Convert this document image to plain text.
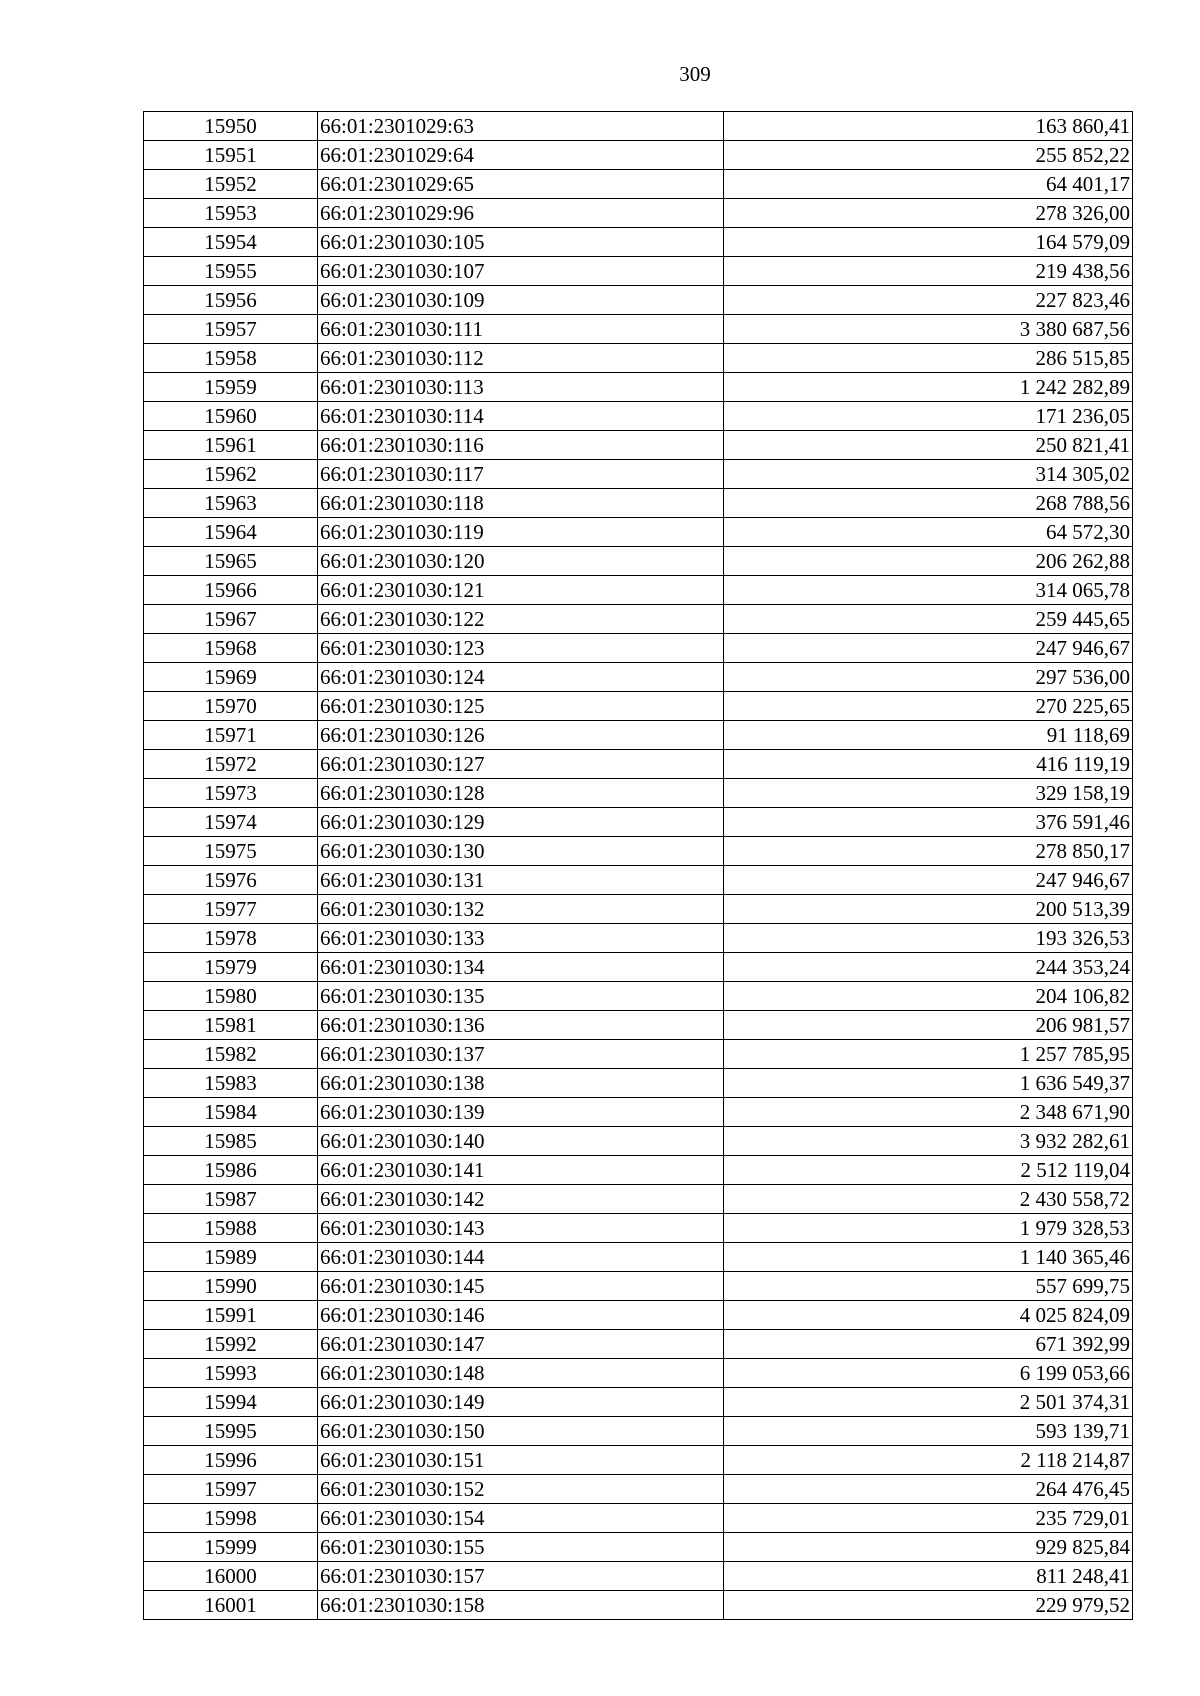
309
15950	66:01:2301029:63	163 860,41
15951	66:01:2301029:64	255 852,22
15952	66:01:2301029:65	64 401,17
15953	66:01:2301029:96	278 326,00
15954	66:01:2301030:105	164 579,09
15955	66:01:2301030:107	219 438,56
15956	66:01:2301030:109	227 823,46
15957	66:01:2301030:111	3 380 687,56
15958	66:01:2301030:112	286 515,85
15959	66:01:2301030:113	1 242 282,89
15960	66:01:2301030:114	171 236,05
15961	66:01:2301030:116	250 821,41
15962	66:01:2301030:117	314 305,02
15963	66:01:2301030:118	268 788,56
15964	66:01:2301030:119	64 572,30
15965	66:01:2301030:120	206 262,88
15966	66:01:2301030:121	314 065,78
15967	66:01:2301030:122	259 445,65
15968	66:01:2301030:123	247 946,67
15969	66:01:2301030:124	297 536,00
15970	66:01:2301030:125	270 225,65
15971	66:01:2301030:126	91 118,69
15972	66:01:2301030:127	416 119,19
15973	66:01:2301030:128	329 158,19
15974	66:01:2301030:129	376 591,46
15975	66:01:2301030:130	278 850,17
15976	66:01:2301030:131	247 946,67
15977	66:01:2301030:132	200 513,39
15978	66:01:2301030:133	193 326,53
15979	66:01:2301030:134	244 353,24
15980	66:01:2301030:135	204 106,82
15981	66:01:2301030:136	206 981,57
15982	66:01:2301030:137	1 257 785,95
15983	66:01:2301030:138	1 636 549,37
15984	66:01:2301030:139	2 348 671,90
15985	66:01:2301030:140	3 932 282,61
15986	66:01:2301030:141	2 512 119,04
15987	66:01:2301030:142	2 430 558,72
15988	66:01:2301030:143	1 979 328,53
15989	66:01:2301030:144	1 140 365,46
15990	66:01:2301030:145	557 699,75
15991	66:01:2301030:146	4 025 824,09
15992	66:01:2301030:147	671 392,99
15993	66:01:2301030:148	6 199 053,66
15994	66:01:2301030:149	2 501 374,31
15995	66:01:2301030:150	593 139,71
15996	66:01:2301030:151	2 118 214,87
15997	66:01:2301030:152	264 476,45
15998	66:01:2301030:154	235 729,01
15999	66:01:2301030:155	929 825,84
16000	66:01:2301030:157	811 248,41
16001	66:01:2301030:158	229 979,52
